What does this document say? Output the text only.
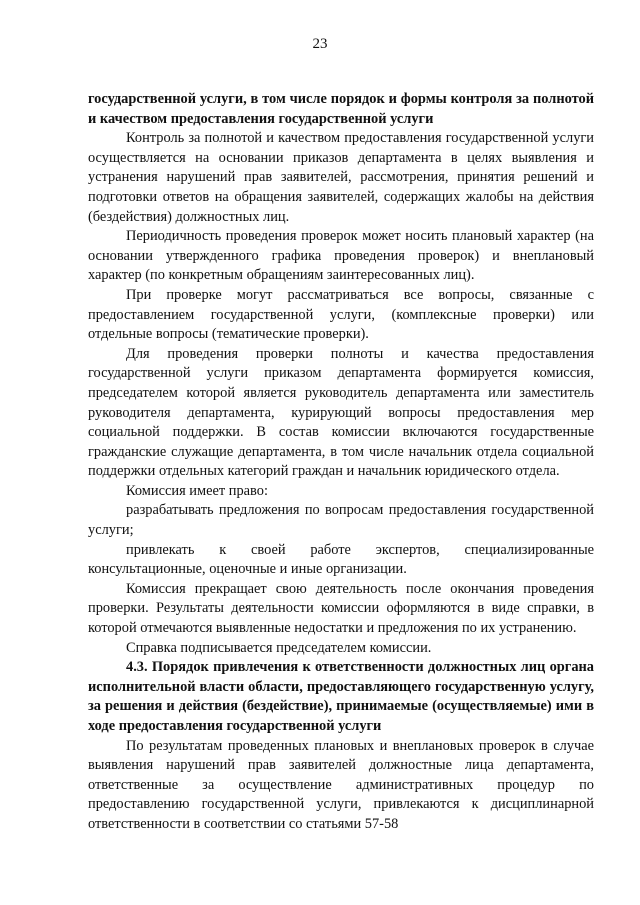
23

государственной услуги, в том числе порядок и формы контроля за полнотой и качеством предоставления государственной услуги

Контроль за полнотой и качеством предоставления государственной услуги осуществляется на основании приказов департамента в целях выявления и устранения нарушений прав заявителей, рассмотрения, принятия решений и подготовки ответов на обращения заявителей, содержащих жалобы на действия (бездействия) должностных лиц.

Периодичность проведения проверок может носить плановый характер (на основании утвержденного графика проведения проверок) и внеплановый характер (по конкретным обращениям заинтересованных лиц).

При проверке могут рассматриваться все вопросы, связанные с предоставлением государственной услуги, (комплексные проверки) или отдельные вопросы (тематические проверки).

Для проведения проверки полноты и качества предоставления государственной услуги приказом департамента формируется комиссия, председателем которой является руководитель департамента или заместитель руководителя департамента, курирующий вопросы предоставления мер социальной поддержки. В состав комиссии включаются государственные гражданские служащие департамента, в том числе начальник отдела социальной поддержки отдельных категорий граждан и начальник юридического отдела.

Комиссия имеет право:

разрабатывать предложения по вопросам предоставления государственной услуги;

привлекать к своей работе экспертов, специализированные консультационные, оценочные и иные организации.

Комиссия прекращает свою деятельность после окончания проведения проверки. Результаты деятельности комиссии оформляются в виде справки, в которой отмечаются выявленные недостатки и предложения по их устранению.

Справка подписывается председателем комиссии.

4.3. Порядок привлечения к ответственности должностных лиц органа исполнительной власти области, предоставляющего государственную услугу, за решения и действия (бездействие), принимаемые (осуществляемые) ими в ходе предоставления государственной услуги

По результатам проведенных плановых и внеплановых проверок в случае выявления нарушений прав заявителей должностные лица департамента, ответственные за осуществление административных процедур по предоставлению государственной услуги, привлекаются к дисциплинарной ответственности в соответствии со статьями 57-58
